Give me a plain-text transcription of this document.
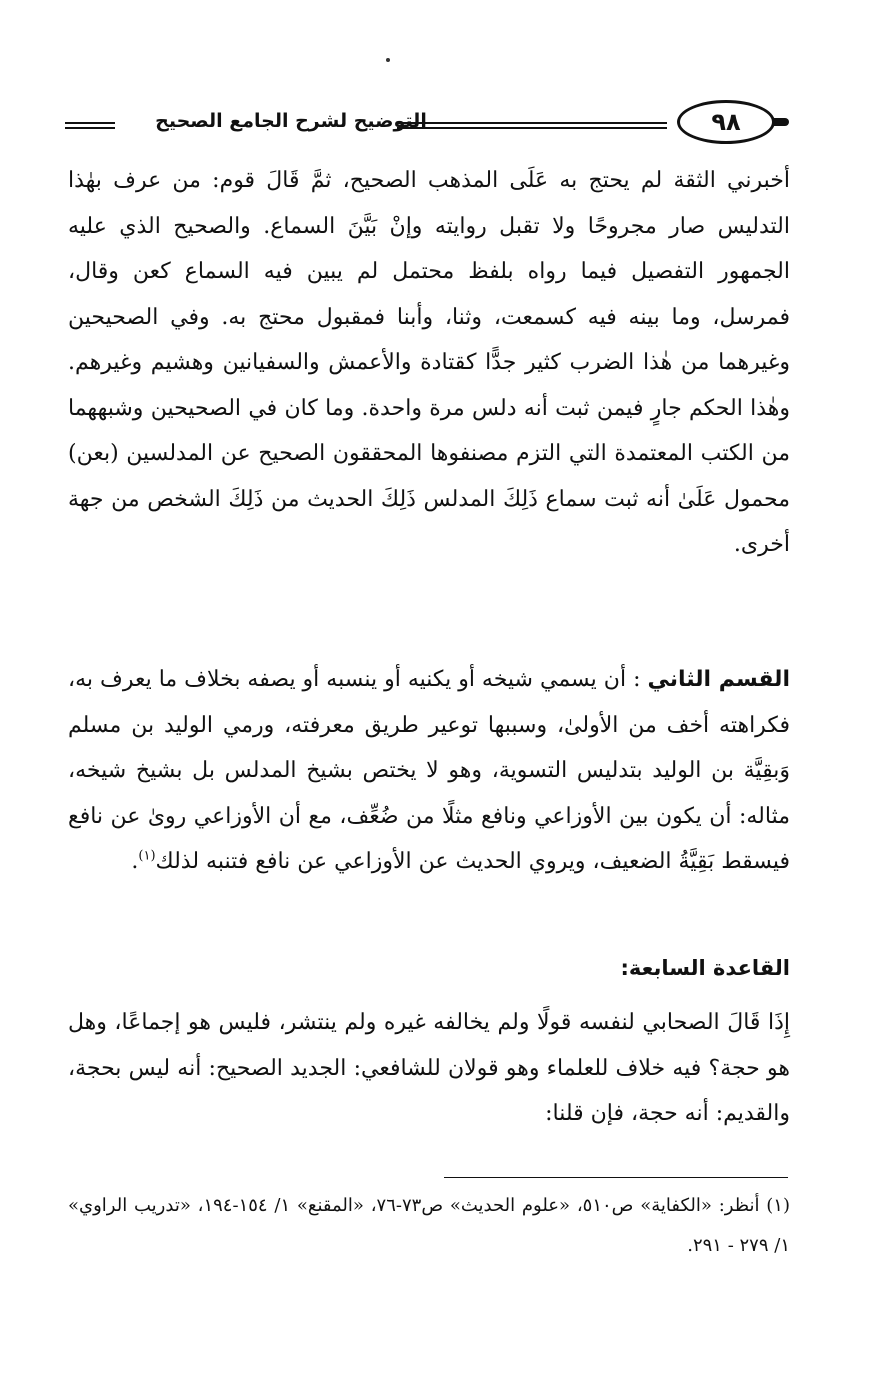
التوضيح لشرح الجامع الصحيح	٩٨

أخبرني الثقة لم يحتج به عَلَى المذهب الصحيح، ثمَّ قَالَ قوم: من عرف بهٰذا التدليس صار مجروحًا ولا تقبل روايته وإنْ بَيَّنَ السماع. والصحيح الذي عليه الجمهور التفصيل فيما رواه بلفظ محتمل لم يبين فيه السماع كعن وقال، فمرسل، وما بينه فيه كسمعت، وثنا، وأبنا فمقبول محتج به. وفي الصحيحين وغيرهما من هٰذا الضرب كثير جدًّا كقتادة والأعمش والسفيانين وهشيم وغيرهم. وهٰذا الحكم جارٍ فيمن ثبت أنه دلس مرة واحدة. وما كان في الصحيحين وشبههما من الكتب المعتمدة التي التزم مصنفوها المحققون الصحيح عن المدلسين (بعن) محمول عَلَىٰ أنه ثبت سماع ذَلِكَ المدلس ذَلِكَ الحديث من ذَلِكَ الشخص من جهة أخرى.

القسم الثاني : أن يسمي شيخه أو يكنيه أو ينسبه أو يصفه بخلاف ما يعرف به، فكراهته أخف من الأولىٰ، وسببها توعير طريق معرفته، ورمي الوليد بن مسلم وَبقِيَّة بن الوليد بتدليس التسوية، وهو لا يختص بشيخ المدلس بل بشيخ شيخه، مثاله: أن يكون بين الأوزاعي ونافع مثلًا من ضُعِّف، مع أن الأوزاعي روىٰ عن نافع فيسقط بَقِيَّةُ الضعيف، ويروي الحديث عن الأوزاعي عن نافع فتنبه لذلك$^{(١)}$.

القاعدة السابعة:

إِذَا قَالَ الصحابي لنفسه قولًا ولم يخالفه غيره ولم ينتشر، فليس هو إجماعًا، وهل هو حجة؟ فيه خلاف للعلماء وهو قولان للشافعي: الجديد الصحيح: أنه ليس بحجة، والقديم: أنه حجة، فإن قلنا:

(١) أنظر: «الكفاية» ص٥١٠، «علوم الحديث» ص٧٣-٧٦، «المقنع» ١/ ١٥٤-١٩٤، «تدريب الراوي» ١/ ٢٧٩ - ٢٩١.
